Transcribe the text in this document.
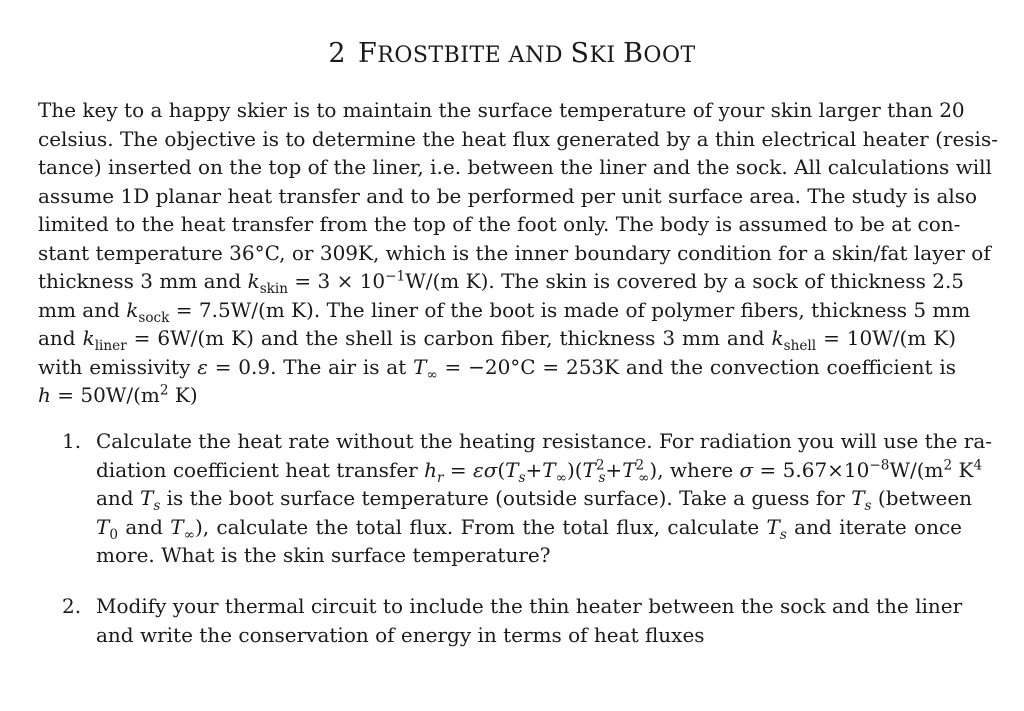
2 FROSTBITE AND SKI BOOT
The key to a happy skier is to maintain the surface temperature of your skin larger than 20
celsius. The objective is to determine the heat flux generated by a thin electrical heater (resis-
tance) inserted on the top of the liner, i.e. between the liner and the sock. All calculations will
assume 1D planar heat transfer and to be performed per unit surface area. The study is also
limited to the heat transfer from the top of the foot only. The body is assumed to be at con-
stant temperature 36°C, or 309K, which is the inner boundary condition for a skin/fat layer of
thickness 3 mm and $k_{skin} = 3 \times 10^{-1}W/(m$ K). The skin is covered by a sock of thickness 2.5
mm and $k_{sock} = 7.5W/(m$ K). The liner of the boot is made of polymer fibers, thickness 5 mm
and $k_{liner} = 6W/(m$ K) and the shell is carbon fiber, thickness 3 mm and $k_{shell} = 10W/(m$ K)
with emissivity ε = 0.9. The air is at $T_\infty = -20^\circ C = 253K$ and the convection coefficient is
$h = 50W/(m^2$ K)
1. Calculate the heat rate without the heating resistance. For radiation you will use the ra-
diation coefficient heat transfer $h_r = \varepsilon\sigma(T_s+T_\infty)(T^2_s+T^2_\infty)$, where $\sigma = 5.67\times 10^{-8}W/(m^2$ $K^4$
and $T_s$ is the boot surface temperature (outside surface). Take a guess for $T_s$ (between
$T_0$ and $T_\infty$), calculate the total flux. From the total flux, calculate $T_s$ and iterate once
more. What is the skin surface temperature?
2. Modify your thermal circuit to include the thin heater between the sock and the liner
and write the conservation of energy in terms of heat fluxes
